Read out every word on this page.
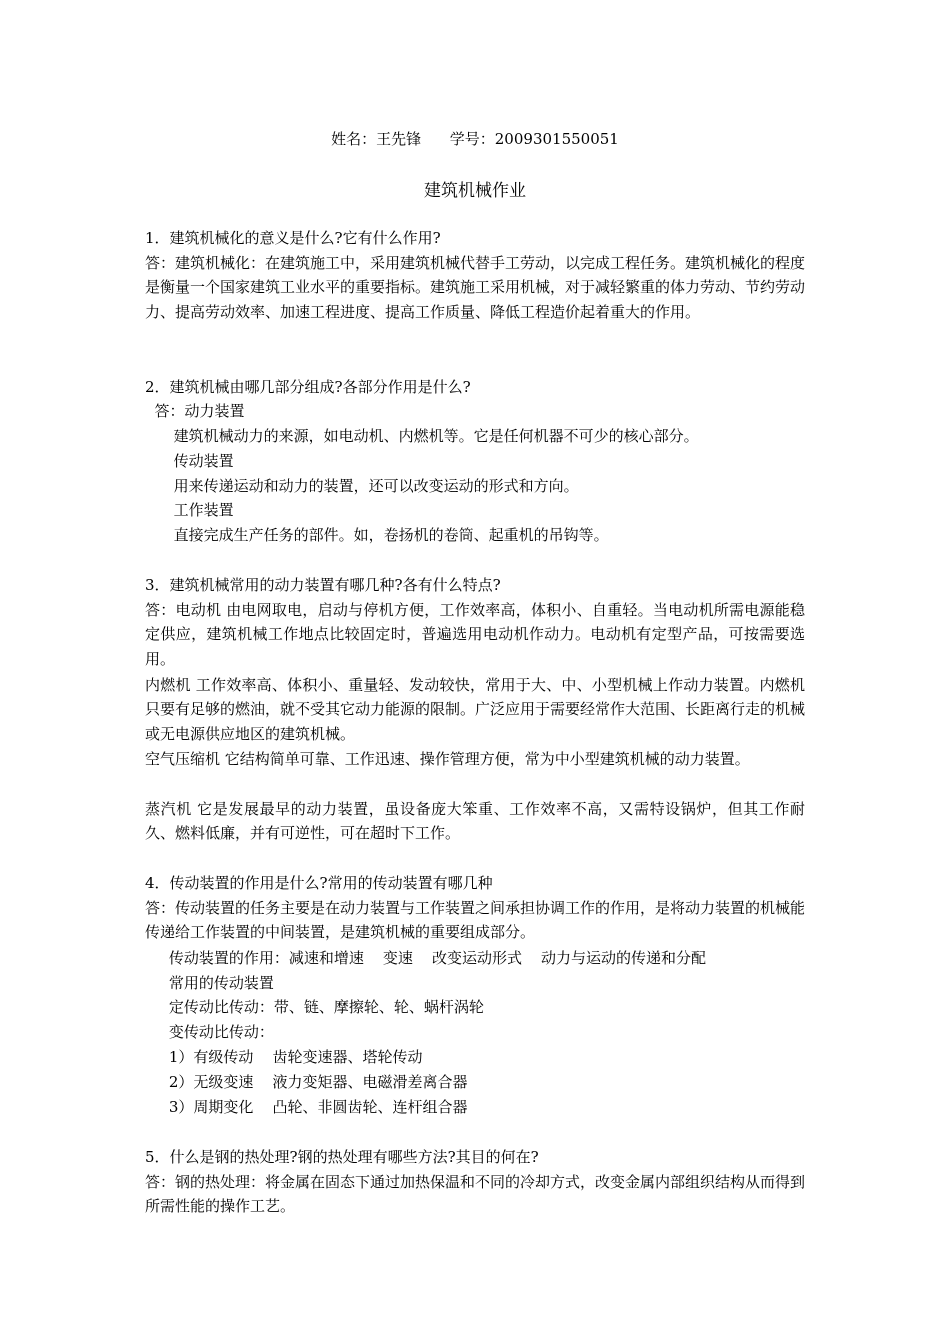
姓名：王先锋      学号：2009301550051
建筑机械作业
1．建筑机械化的意义是什么?它有什么作用?
答：建筑机械化：在建筑施工中，采用建筑机械代替手工劳动，以完成工程任务。建筑机械化的程度是衡量一个国家建筑工业水平的重要指标。建筑施工采用机械，对于减轻繁重的体力劳动、节约劳动力、提高劳动效率、加速工程进度、提高工作质量、降低工程造价起着重大的作用。
2．建筑机械由哪几部分组成?各部分作用是什么?
答：动力装置
建筑机械动力的来源，如电动机、内燃机等。它是任何机器不可少的核心部分。
传动装置
用来传递运动和动力的装置，还可以改变运动的形式和方向。
工作装置
直接完成生产任务的部件。如，卷扬机的卷筒、起重机的吊钩等。
3．建筑机械常用的动力装置有哪几种?各有什么特点?
答：电动机 由电网取电，启动与停机方便，工作效率高，体积小、自重轻。当电动机所需电源能稳定供应，建筑机械工作地点比较固定时，普遍选用电动机作动力。电动机有定型产品，可按需要选用。
内燃机 工作效率高、体积小、重量轻、发动较快，常用于大、中、小型机械上作动力装置。内燃机只要有足够的燃油，就不受其它动力能源的限制。广泛应用于需要经常作大范围、长距离行走的机械或无电源供应地区的建筑机械。
空气压缩机 它结构简单可靠、工作迅速、操作管理方便，常为中小型建筑机械的动力装置。
蒸汽机 它是发展最早的动力装置，虽设备庞大笨重、工作效率不高，又需特设锅炉，但其工作耐久、燃料低廉，并有可逆性，可在超时下工作。
4．传动装置的作用是什么?常用的传动装置有哪几种
答：传动装置的任务主要是在动力装置与工作装置之间承担协调工作的作用，是将动力装置的机械能传递给工作装置的中间装置，是建筑机械的重要组成部分。
传动装置的作用：减速和增速    变速    改变运动形式    动力与运动的传递和分配
常用的传动装置
定传动比传动：带、链、摩擦轮、轮、蜗杆涡轮
变传动比传动：
1）有级传动    齿轮变速器、塔轮传动
2）无级变速    液力变矩器、电磁滑差离合器
3）周期变化    凸轮、非圆齿轮、连杆组合器
5．什么是钢的热处理?钢的热处理有哪些方法?其目的何在?
答：钢的热处理：将金属在固态下通过加热保温和不同的冷却方式，改变金属内部组织结构从而得到所需性能的操作工艺。
